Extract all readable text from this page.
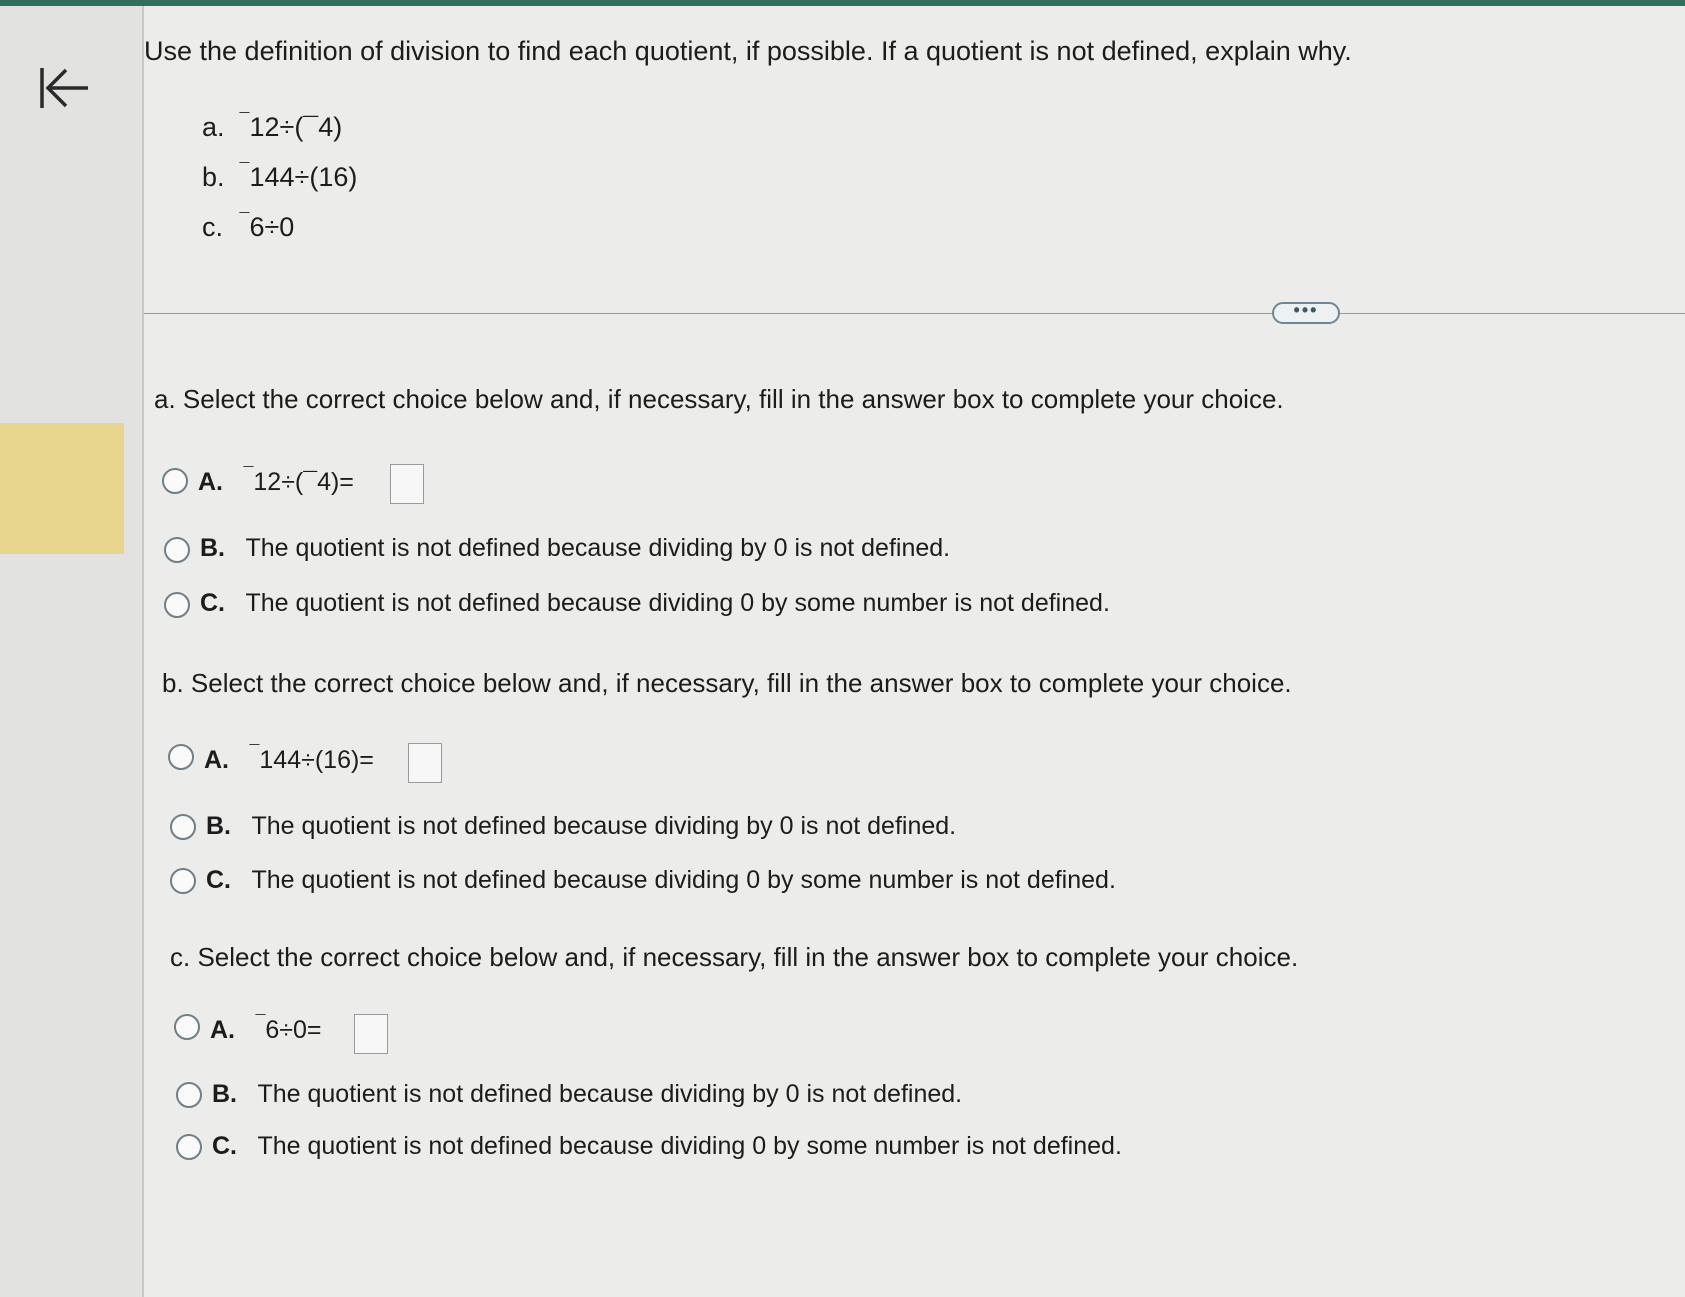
Use the definition of division to find each quotient, if possible. If a quotient is not defined, explain why.
a. ¯12÷(¯4)
b. ¯144÷(16)
c. ¯6÷0
•••
a. Select the correct choice below and, if necessary, fill in the answer box to complete your choice.
A. ¯12÷(¯4)=
B. The quotient is not defined because dividing by 0 is not defined.
C. The quotient is not defined because dividing 0 by some number is not defined.
b. Select the correct choice below and, if necessary, fill in the answer box to complete your choice.
A. ¯144÷(16)=
B. The quotient is not defined because dividing by 0 is not defined.
C. The quotient is not defined because dividing 0 by some number is not defined.
c. Select the correct choice below and, if necessary, fill in the answer box to complete your choice.
A. ¯6÷0=
B. The quotient is not defined because dividing by 0 is not defined.
C. The quotient is not defined because dividing 0 by some number is not defined.
